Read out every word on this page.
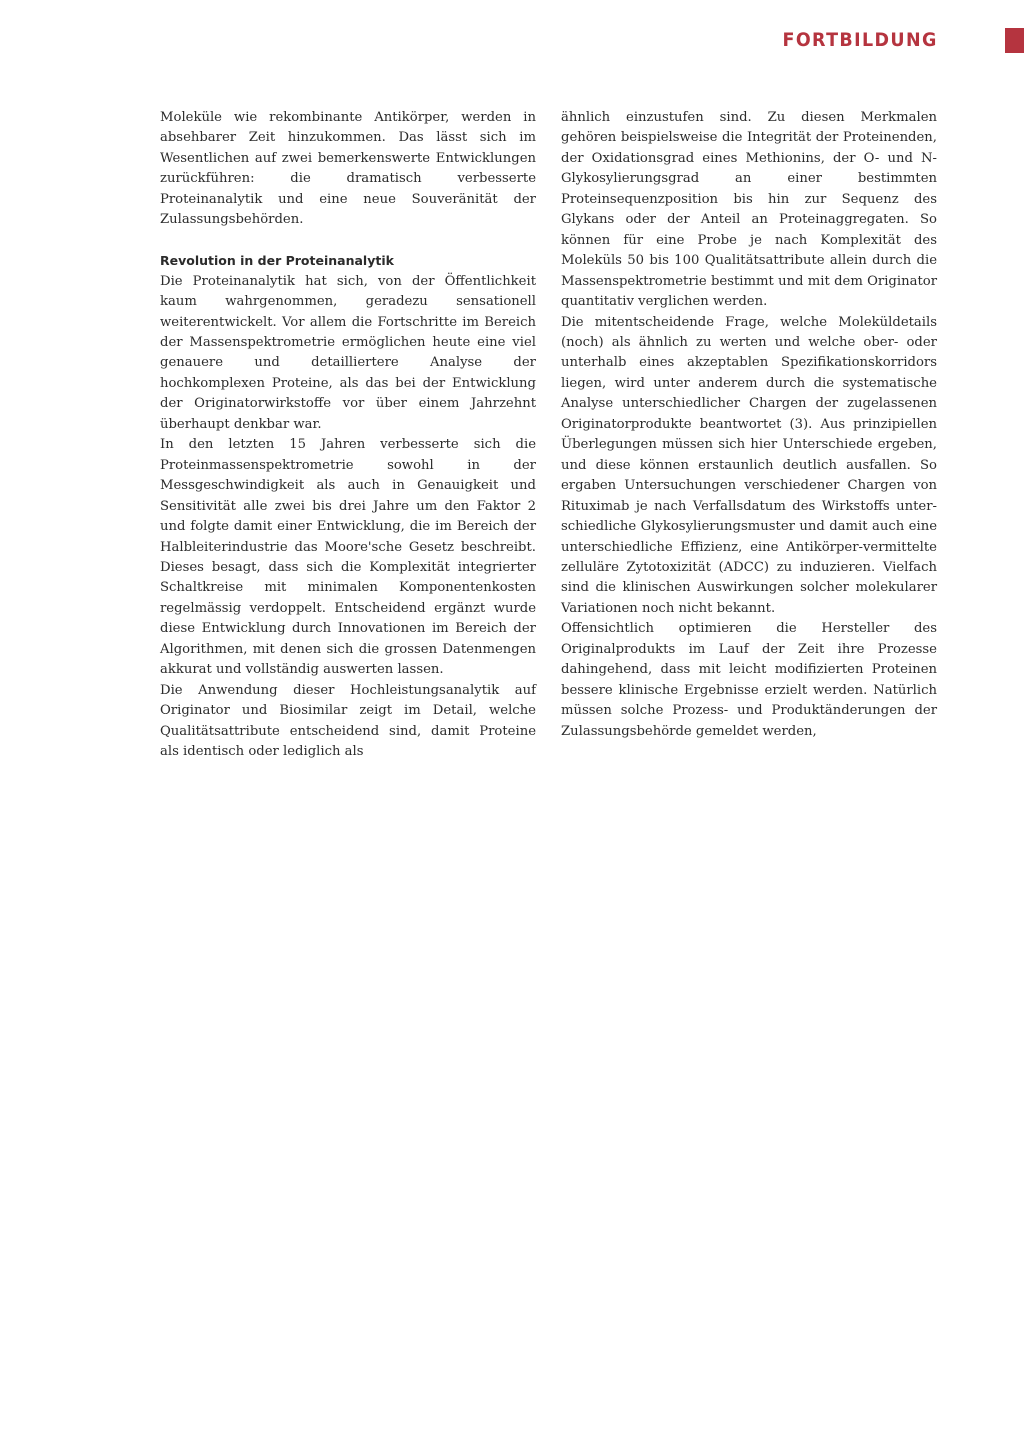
FORTBILDUNG

Moleküle wie rekombinante Antikörper, werden in absehbarer Zeit hinzukommen. Das lässt sich im Wesentlichen auf zwei bemerkenswerte Entwicklungen zurückführen: die dramatisch verbesserte Proteinanalytik und eine neue Souveränität der Zulassungsbehörden.

Revolution in der Proteinanalytik

Die Proteinanalytik hat sich, von der Öffentlichkeit kaum wahrgenommen, geradezu sensationell weiterentwickelt. Vor allem die Fortschritte im Bereich der Massenspektrometrie ermöglichen heute eine viel genauere und detailliertere Analyse der hochkomplexen Proteine, als das bei der Entwicklung der Originatorwirkstoffe vor über einem Jahrzehnt überhaupt denkbar war.

In den letzten 15 Jahren verbesserte sich die Proteinmassenspektrometrie sowohl in der Messgeschwindigkeit als auch in Genauigkeit und Sensitivität alle zwei bis drei Jahre um den Faktor 2 und folgte damit einer Entwicklung, die im Bereich der Halbleiterindustrie das Moore'sche Gesetz beschreibt. Dieses besagt, dass sich die Komplexität integrierter Schaltkreise mit minimalen Komponentenkosten regelmässig verdoppelt. Entscheidend ergänzt wurde diese Entwicklung durch Innovationen im Bereich der Algorithmen, mit denen sich die grossen Datenmengen akkurat und vollständig auswerten lassen.

Die Anwendung dieser Hochleistungsanalytik auf Originator und Biosimilar zeigt im Detail, welche Qualitätsattribute entscheidend sind, damit Proteine als identisch oder lediglich als

ähnlich einzustufen sind. Zu diesen Merkmalen gehören beispielsweise die Integrität der Proteinenden, der Oxidationsgrad eines Methionins, der O- und N-Glykosylierungsgrad an einer bestimmten Proteinsequenzposition bis hin zur Sequenz des Glykans oder der Anteil an Proteinaggregaten. So können für eine Probe je nach Komplexität des Moleküls 50 bis 100 Qualitätsattribute allein durch die Massenspektrometrie bestimmt und mit dem Originator quantitativ verglichen werden.

Die mitentscheidende Frage, welche Moleküldetails (noch) als ähnlich zu werten und welche ober- oder unterhalb eines akzeptablen Spezifikationskorridors liegen, wird unter anderem durch die systematische Analyse unterschiedlicher Chargen der zugelassenen Originatorprodukte beantwortet (3). Aus prinzipiellen Überlegungen müssen sich hier Unterschiede ergeben, und diese können erstaunlich deutlich ausfallen. So ergaben Untersuchungen verschiedener Chargen von Rituximab je nach Verfallsdatum des Wirkstoffs unterschiedliche Glykosylierungsmuster und damit auch eine unterschiedliche Effizienz, eine Antikörper-vermittelte zelluläre Zytotoxizität (ADCC) zu induzieren. Vielfach sind die klinischen Auswirkungen solcher molekularer Variationen noch nicht bekannt.

Offensichtlich optimieren die Hersteller des Originalprodukts im Lauf der Zeit ihre Prozesse dahingehend, dass mit leicht modifizierten Proteinen bessere klinische Ergebnisse erzielt werden. Natürlich müssen solche Prozess- und Produktänderungen der Zulassungsbehörde gemeldet werden,
